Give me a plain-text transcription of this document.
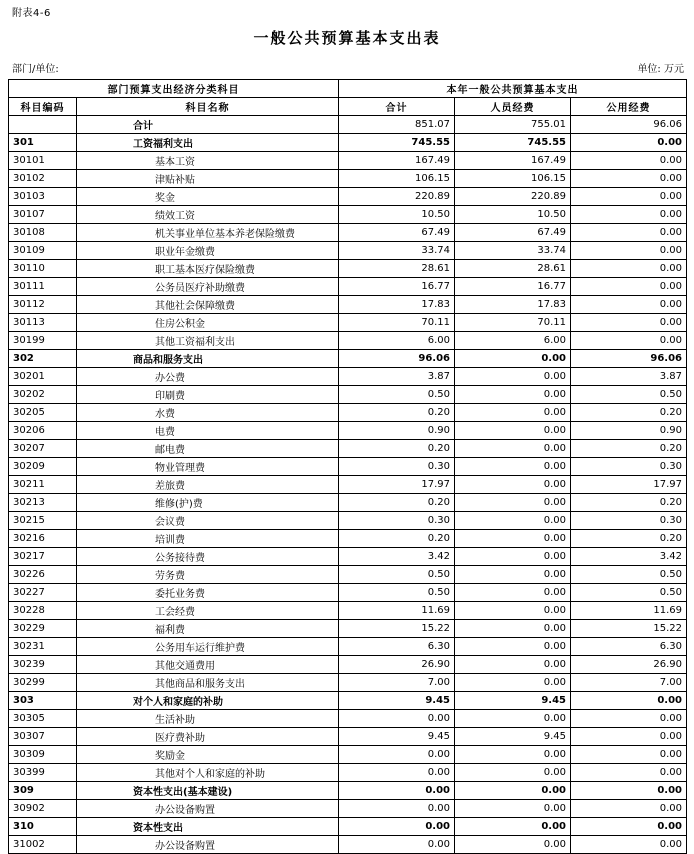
附表4-6
一般公共预算基本支出表
部门/单位:	单位: 万元
部门预算支出经济分类科目		本年一般公共预算基本支出		
科目编码	科目名称	合计	人员经费	公用经费
	合计	851.07	755.01	96.06
301	工资福利支出	745.55	745.55	0.00
30101	基本工资	167.49	167.49	0.00
30102	津贴补贴	106.15	106.15	0.00
30103	奖金	220.89	220.89	0.00
30107	绩效工资	10.50	10.50	0.00
30108	机关事业单位基本养老保险缴费	67.49	67.49	0.00
30109	职业年金缴费	33.74	33.74	0.00
30110	职工基本医疗保险缴费	28.61	28.61	0.00
30111	公务员医疗补助缴费	16.77	16.77	0.00
30112	其他社会保障缴费	17.83	17.83	0.00
30113	住房公积金	70.11	70.11	0.00
30199	其他工资福利支出	6.00	6.00	0.00
302	商品和服务支出	96.06	0.00	96.06
30201	办公费	3.87	0.00	3.87
30202	印刷费	0.50	0.00	0.50
30205	水费	0.20	0.00	0.20
30206	电费	0.90	0.00	0.90
30207	邮电费	0.20	0.00	0.20
30209	物业管理费	0.30	0.00	0.30
30211	差旅费	17.97	0.00	17.97
30213	维修(护)费	0.20	0.00	0.20
30215	会议费	0.30	0.00	0.30
30216	培训费	0.20	0.00	0.20
30217	公务接待费	3.42	0.00	3.42
30226	劳务费	0.50	0.00	0.50
30227	委托业务费	0.50	0.00	0.50
30228	工会经费	11.69	0.00	11.69
30229	福利费	15.22	0.00	15.22
30231	公务用车运行维护费	6.30	0.00	6.30
30239	其他交通费用	26.90	0.00	26.90
30299	其他商品和服务支出	7.00	0.00	7.00
303	对个人和家庭的补助	9.45	9.45	0.00
30305	生活补助	0.00	0.00	0.00
30307	医疗费补助	9.45	9.45	0.00
30309	奖励金	0.00	0.00	0.00
30399	其他对个人和家庭的补助	0.00	0.00	0.00
309	资本性支出(基本建设)	0.00	0.00	0.00
30902	办公设备购置	0.00	0.00	0.00
310	资本性支出	0.00	0.00	0.00
31002	办公设备购置	0.00	0.00	0.00
